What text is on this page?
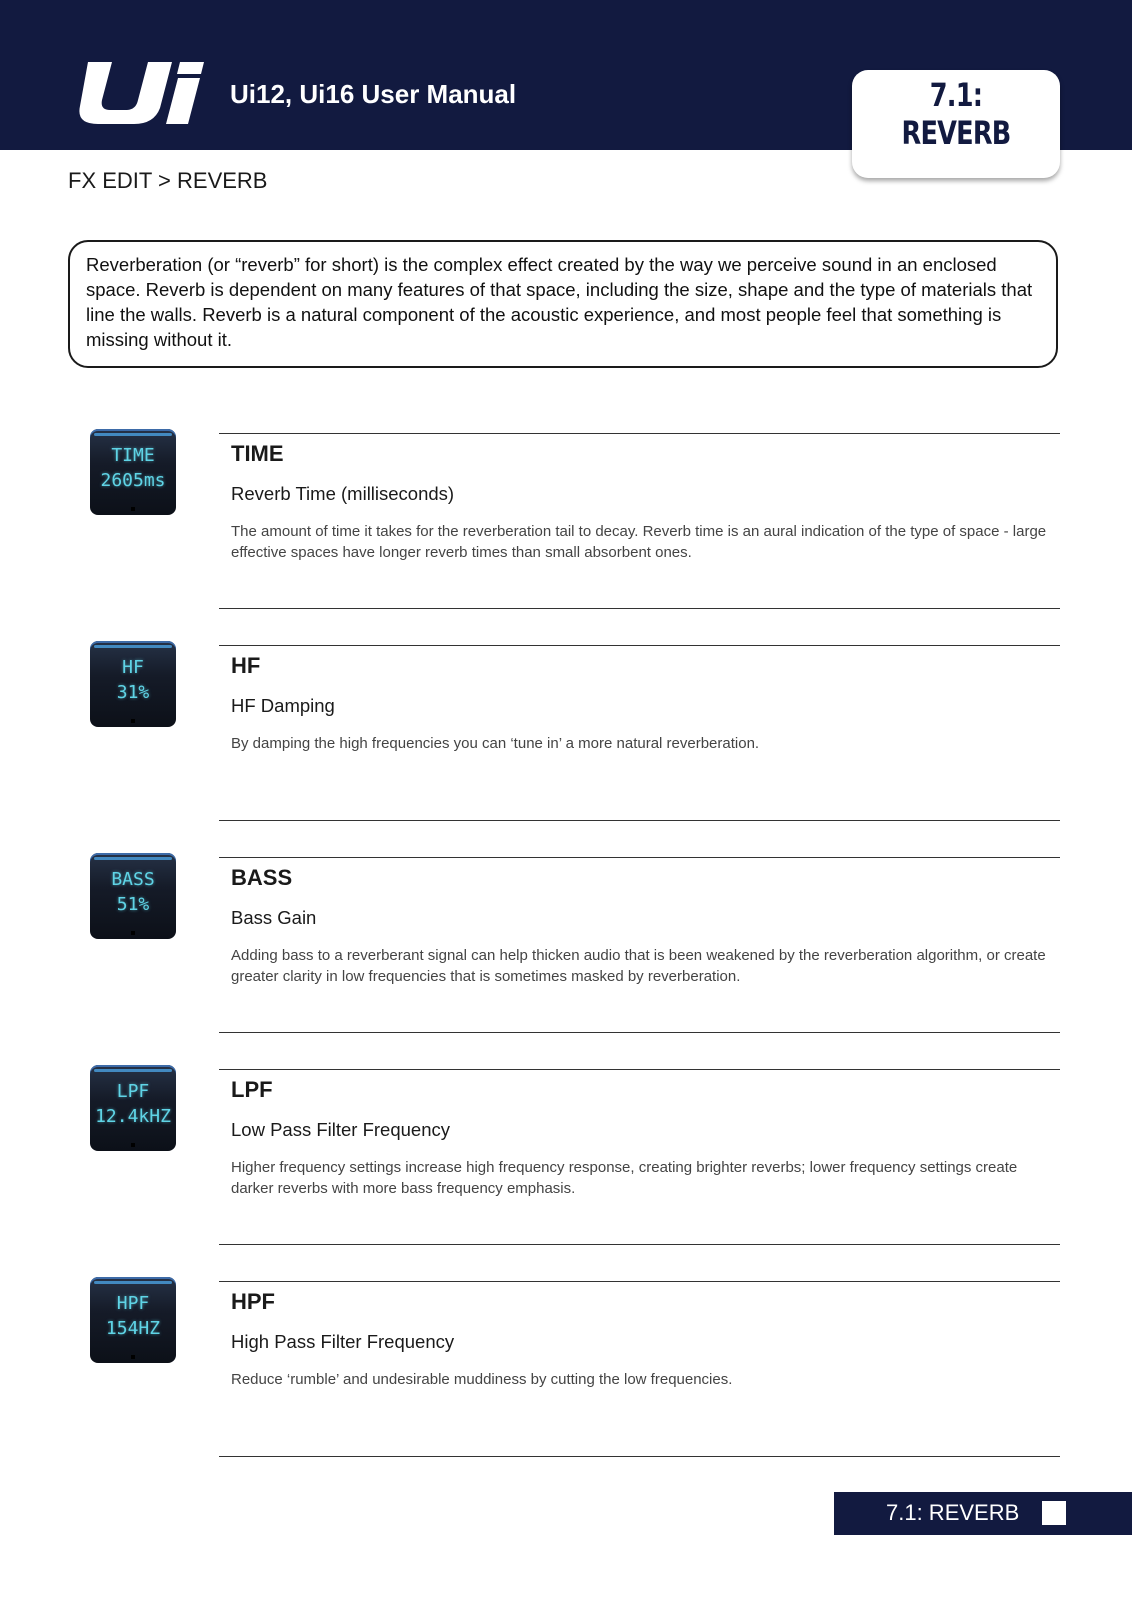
Ui12, Ui16 User Manual	7.1: REVERB
FX EDIT > REVERB

Reverberation (or “reverb” for short) is the complex effect created by the way we perceive sound in an enclosed space. Reverb is dependent on many features of that space, including the size, shape and the type of materials that line the walls. Reverb is a natural component of the acoustic experience, and most people feel that something is missing without it.

TIME
2605ms
TIME
Reverb Time (milliseconds)

The amount of time it takes for the reverberation tail to decay. Reverb time is an aural indication of the type of space - large effective spaces have longer reverb times than small absorbent ones.

HF
31%
HF
HF Damping

By damping the high frequencies you can ‘tune in’ a more natural reverberation.

BASS
51%
BASS
Bass Gain

Adding bass to a reverberant signal can help thicken audio that is been weakened by the reverberation algorithm, or create greater clarity in low frequencies that is sometimes masked by reverberation.

LPF
12.4kHZ
LPF
Low Pass Filter Frequency

Higher frequency settings increase high frequency response, creating brighter reverbs; lower frequency settings create darker reverbs with more bass frequency emphasis.

HPF
154HZ
HPF
High Pass Filter Frequency

Reduce ‘rumble’ and undesirable muddiness by cutting the low frequencies.

7.1: REVERB
